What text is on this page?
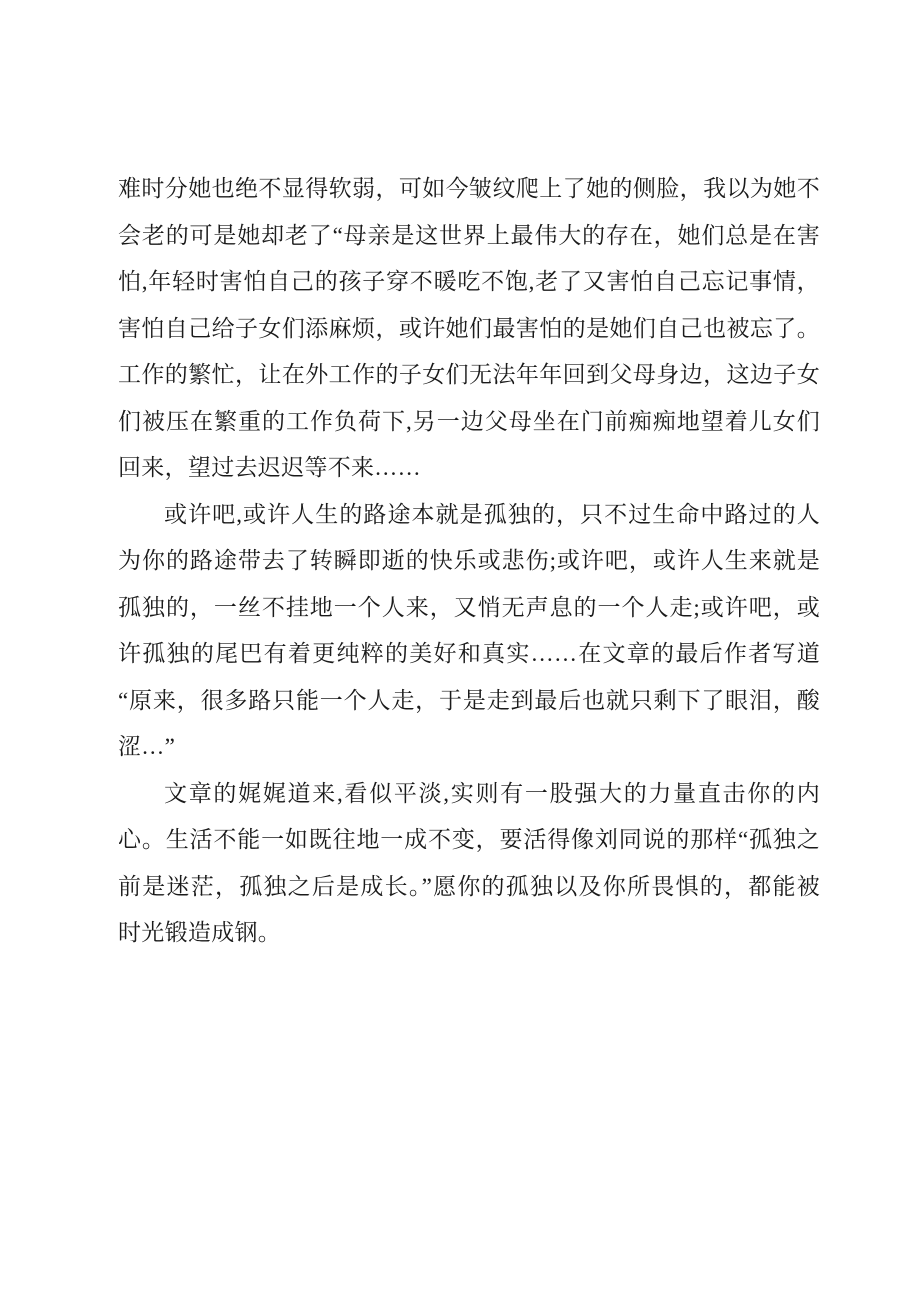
难时分她也绝不显得软弱，可如今皱纹爬上了她的侧脸，我以为她不
会老的可是她却老了“母亲是这世界上最伟大的存在，她们总是在害
怕,年轻时害怕自己的孩子穿不暖吃不饱,老了又害怕自己忘记事情，
害怕自己给子女们添麻烦，或许她们最害怕的是她们自己也被忘了。
工作的繁忙，让在外工作的子女们无法年年回到父母身边，这边子女
们被压在繁重的工作负荷下,另一边父母坐在门前痴痴地望着儿女们
回来，望过去迟迟等不来……
或许吧,或许人生的路途本就是孤独的，只不过生命中路过的人
为你的路途带去了转瞬即逝的快乐或悲伤;或许吧，或许人生来就是
孤独的，一丝不挂地一个人来，又悄无声息的一个人走;或许吧，或
许孤独的尾巴有着更纯粹的美好和真实……在文章的最后作者写道
“原来，很多路只能一个人走，于是走到最后也就只剩下了眼泪，酸
涩…”
文章的娓娓道来,看似平淡,实则有一股强大的力量直击你的内
心。生活不能一如既往地一成不变，要活得像刘同说的那样“孤独之
前是迷茫，孤独之后是成长。”愿你的孤独以及你所畏惧的，都能被
时光锻造成钢。
